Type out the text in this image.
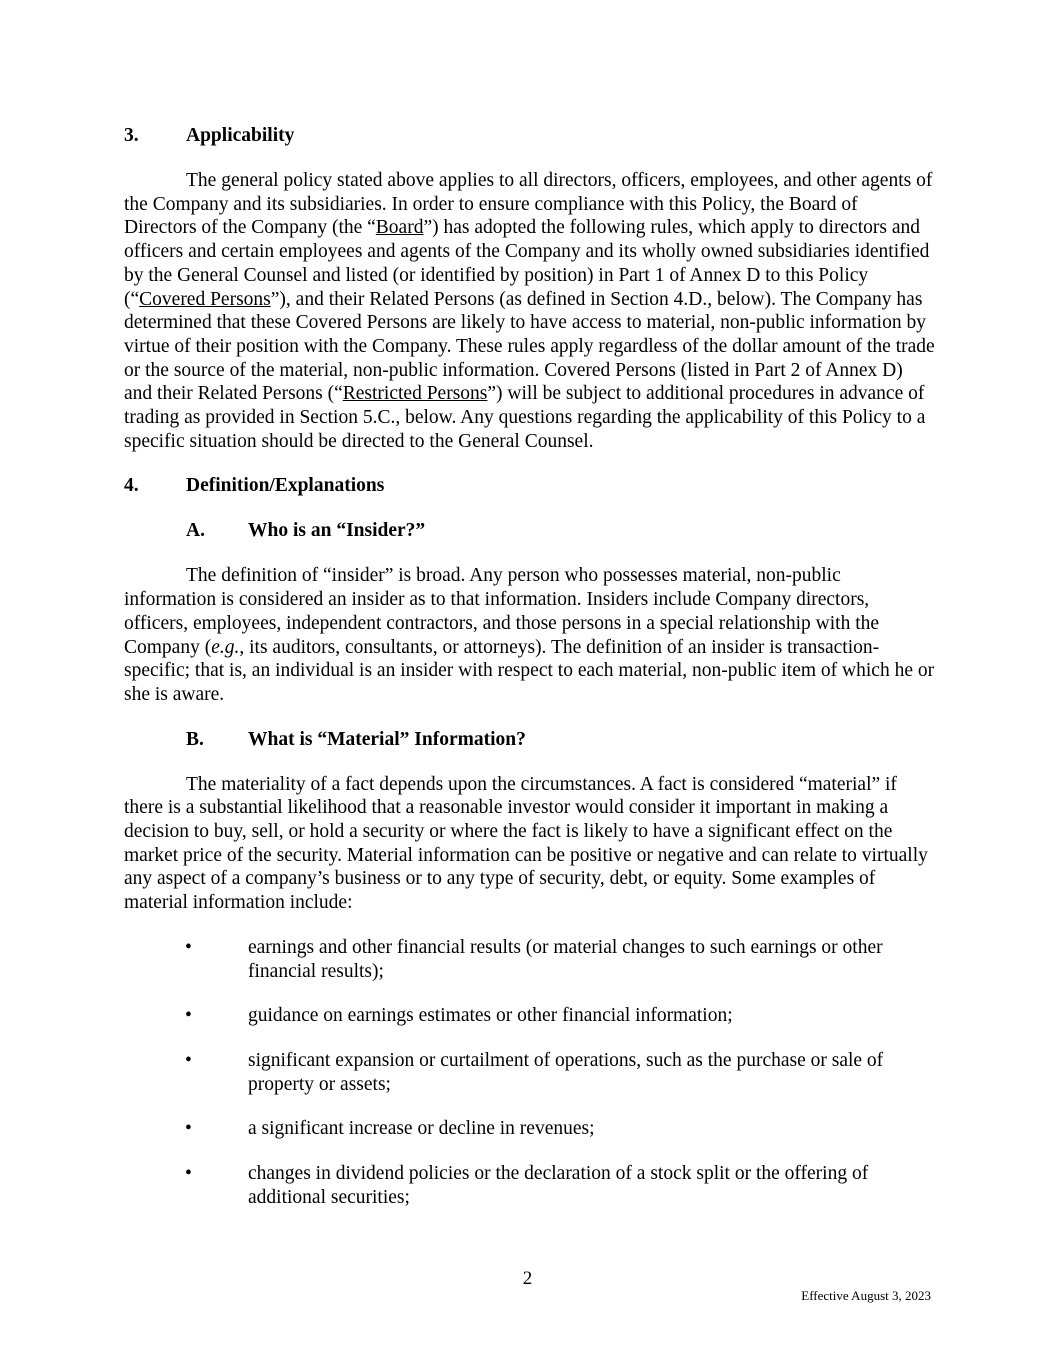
3. Applicability

The general policy stated above applies to all directors, officers, employees, and other agents of the Company and its subsidiaries. In order to ensure compliance with this Policy, the Board of Directors of the Company (the “Board”) has adopted the following rules, which apply to directors and officers and certain employees and agents of the Company and its wholly owned subsidiaries identified by the General Counsel and listed (or identified by position) in Part 1 of Annex D to this Policy (“Covered Persons”), and their Related Persons (as defined in Section 4.D., below). The Company has determined that these Covered Persons are likely to have access to material, non-public information by virtue of their position with the Company. These rules apply regardless of the dollar amount of the trade or the source of the material, non-public information. Covered Persons (listed in Part 2 of Annex D) and their Related Persons (“Restricted Persons”) will be subject to additional procedures in advance of trading as provided in Section 5.C., below. Any questions regarding the applicability of this Policy to a specific situation should be directed to the General Counsel.

4. Definition/Explanations
A. Who is an “Insider?”

The definition of “insider” is broad. Any person who possesses material, non-public information is considered an insider as to that information. Insiders include Company directors, officers, employees, independent contractors, and those persons in a special relationship with the Company (e.g., its auditors, consultants, or attorneys). The definition of an insider is transaction-specific; that is, an individual is an insider with respect to each material, non-public item of which he or she is aware.

B. What is “Material” Information?

The materiality of a fact depends upon the circumstances. A fact is considered “material” if there is a substantial likelihood that a reasonable investor would consider it important in making a decision to buy, sell, or hold a security or where the fact is likely to have a significant effect on the market price of the security. Material information can be positive or negative and can relate to virtually any aspect of a company’s business or to any type of security, debt, or equity. Some examples of material information include:

•	earnings and other financial results (or material changes to such earnings or other financial results);
•	guidance on earnings estimates or other financial information;
•	significant expansion or curtailment of operations, such as the purchase or sale of property or assets;
•	a significant increase or decline in revenues;
•	changes in dividend policies or the declaration of a stock split or the offering of additional securities;
2
Effective August 3, 2023
